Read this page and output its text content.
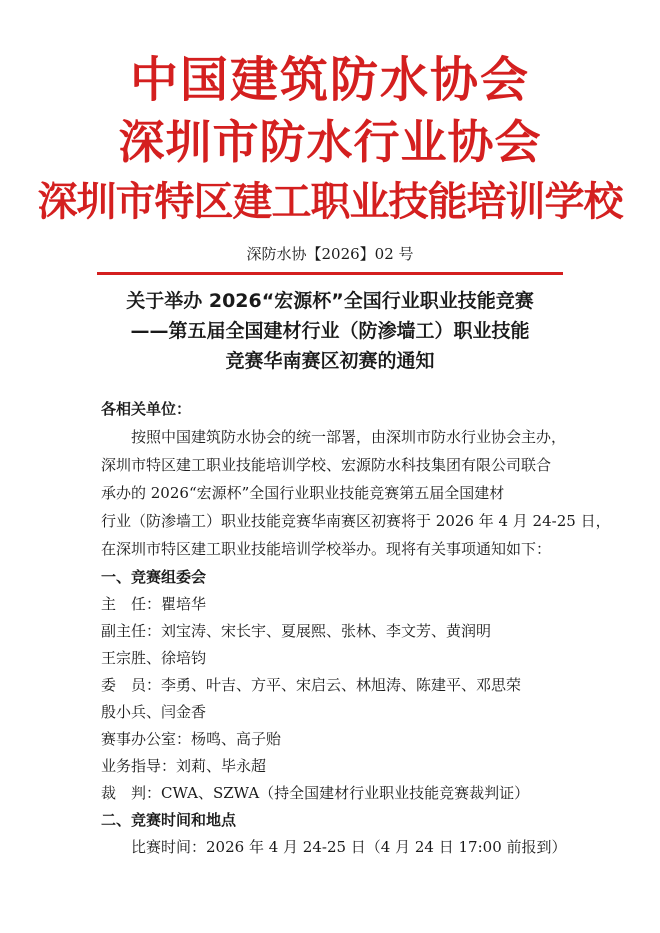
中国建筑防水协会
深圳市防水行业协会
深圳市特区建工职业技能培训学校
深防水协【2026】02 号
关于举办 2026“宏源杯”全国行业职业技能竞赛
——第五届全国建材行业（防渗墙工）职业技能
竞赛华南赛区初赛的通知
各相关单位：
按照中国建筑防水协会的统一部署，由深圳市防水行业协会主办，
深圳市特区建工职业技能培训学校、宏源防水科技集团有限公司联合
承办的 2026“宏源杯”全国行业职业技能竞赛第五届全国建材
行业（防渗墙工）职业技能竞赛华南赛区初赛将于 2026 年 4 月 24-25 日，
在深圳市特区建工职业技能培训学校举办。现将有关事项通知如下：
一、竞赛组委会
主　任：瞿培华
副主任：刘宝涛、宋长宇、夏展熙、张林、李文芳、黄润明
王宗胜、徐培钧
委　员：李勇、叶吉、方平、宋启云、林旭涛、陈建平、邓思荣
殷小兵、闫金香
赛事办公室：杨鸣、高子贻
业务指导：刘莉、毕永超
裁　判：CWA、SZWA（持全国建材行业职业技能竞赛裁判证）
二、竞赛时间和地点
比赛时间：2026 年 4 月 24-25 日（4 月 24 日 17:00 前报到）
